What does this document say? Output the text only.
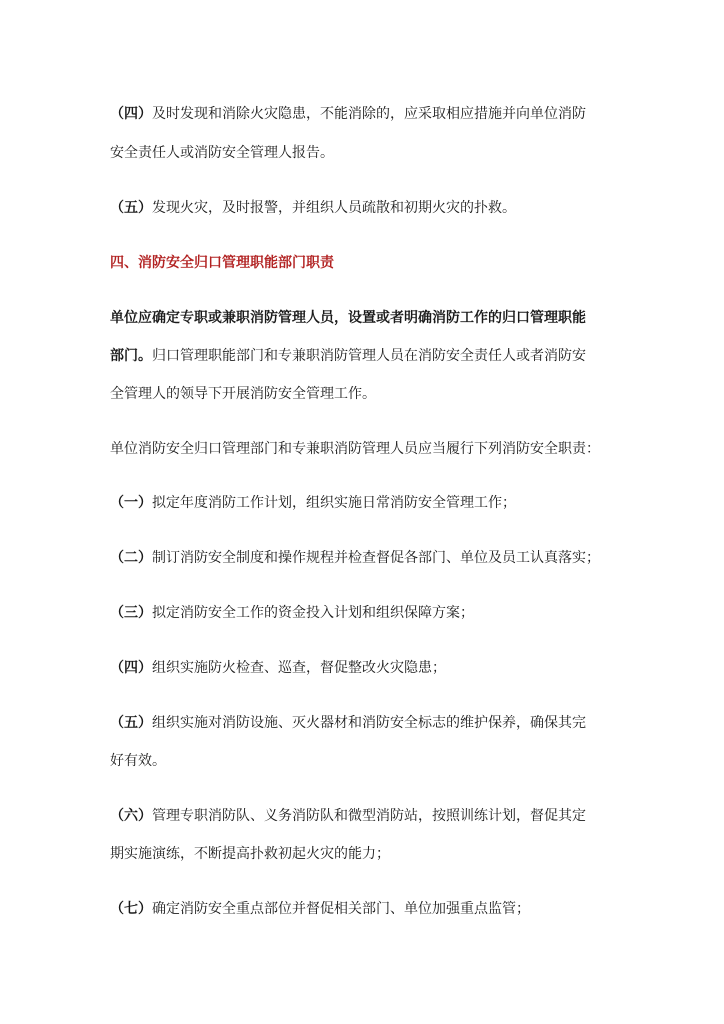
（四）及时发现和消除火灾隐患，不能消除的，应采取相应措施并向单位消防
安全责任人或消防安全管理人报告。
（五）发现火灾，及时报警，并组织人员疏散和初期火灾的扑救。
四、消防安全归口管理职能部门职责
单位应确定专职或兼职消防管理人员，设置或者明确消防工作的归口管理职能
部门。归口管理职能部门和专兼职消防管理人员在消防安全责任人或者消防安
全管理人的领导下开展消防安全管理工作。
单位消防安全归口管理部门和专兼职消防管理人员应当履行下列消防安全职责：
（一）拟定年度消防工作计划，组织实施日常消防安全管理工作；
（二）制订消防安全制度和操作规程并检查督促各部门、单位及员工认真落实；
（三）拟定消防安全工作的资金投入计划和组织保障方案；
（四）组织实施防火检查、巡查，督促整改火灾隐患；
（五）组织实施对消防设施、灭火器材和消防安全标志的维护保养，确保其完
好有效。
（六）管理专职消防队、义务消防队和微型消防站，按照训练计划，督促其定
期实施演练，不断提高扑救初起火灾的能力；
（七）确定消防安全重点部位并督促相关部门、单位加强重点监管；
